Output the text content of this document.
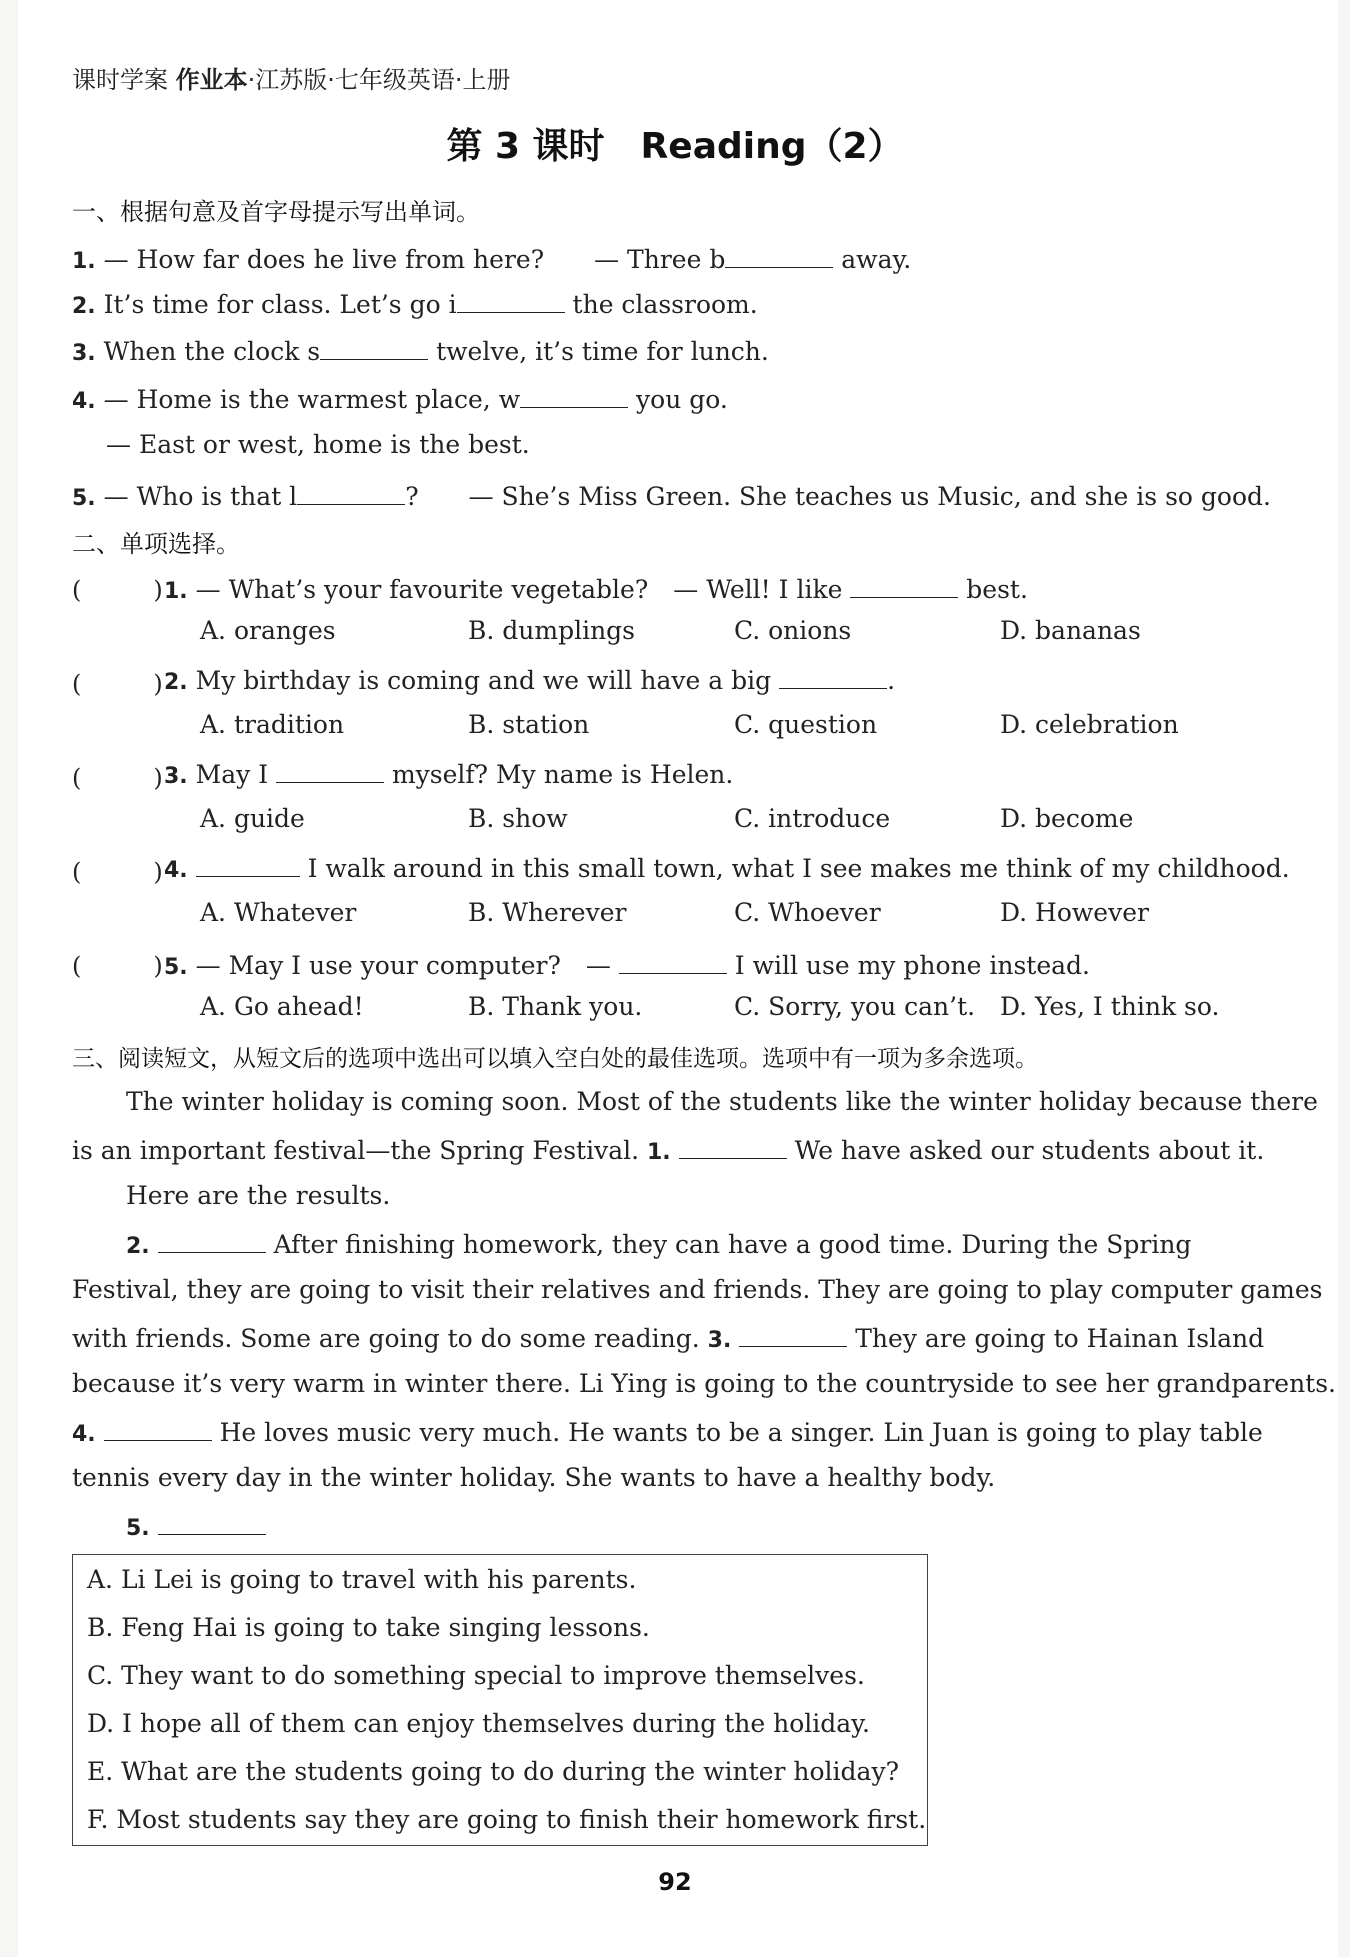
课时学案 作业本·江苏版·七年级英语·上册
第 3 课时　Reading（2）
一、根据句意及首字母提示写出单词。
1. — How far does he live from here?　　— Three b	away.
2. It’s time for class. Let’s go i	the classroom.
3. When the clock s	twelve, it’s time for lunch.
4. — Home is the warmest place, w	you go.
— East or west, home is the best.
5. — Who is that l	?　　— She’s Miss Green. She teaches us Music, and she is so good.
二、单项选择。
(　　　) 1. — What’s your favourite vegetable?　— Well! I like	best.
A. oranges	B. dumplings	C. onions	D. bananas
(　　　) 2. My birthday is coming and we will have a big	.
A. tradition	B. station	C. question	D. celebration
(　　　) 3. May I	myself? My name is Helen.
A. guide	B. show	C. introduce	D. become
(　　　) 4.	I walk around in this small town, what I see makes me think of my childhood.
A. Whatever	B. Wherever	C. Whoever	D. However
(　　　) 5. — May I use your computer?　—	I will use my phone instead.
A. Go ahead!	B. Thank you.	C. Sorry, you can’t. D. Yes, I think so.
三、阅读短文，从短文后的选项中选出可以填入空白处的最佳选项。选项中有一项为多余选项。
The winter holiday is coming soon. Most of the students like the winter holiday because there
is an important festival—the Spring Festival. 1.	We have asked our students about it.
Here are the results.
2.	After finishing homework, they can have a good time. During the Spring
Festival, they are going to visit their relatives and friends. They are going to play computer games
with friends. Some are going to do some reading. 3.	They are going to Hainan Island
because it’s very warm in winter there. Li Ying is going to the countryside to see her grandparents.
4.	He loves music very much. He wants to be a singer. Lin Juan is going to play table
tennis every day in the winter holiday. She wants to have a healthy body.
5.
A. Li Lei is going to travel with his parents.
B. Feng Hai is going to take singing lessons.
C. They want to do something special to improve themselves.
D. I hope all of them can enjoy themselves during the holiday.
E. What are the students going to do during the winter holiday?
F. Most students say they are going to finish their homework first.
92
